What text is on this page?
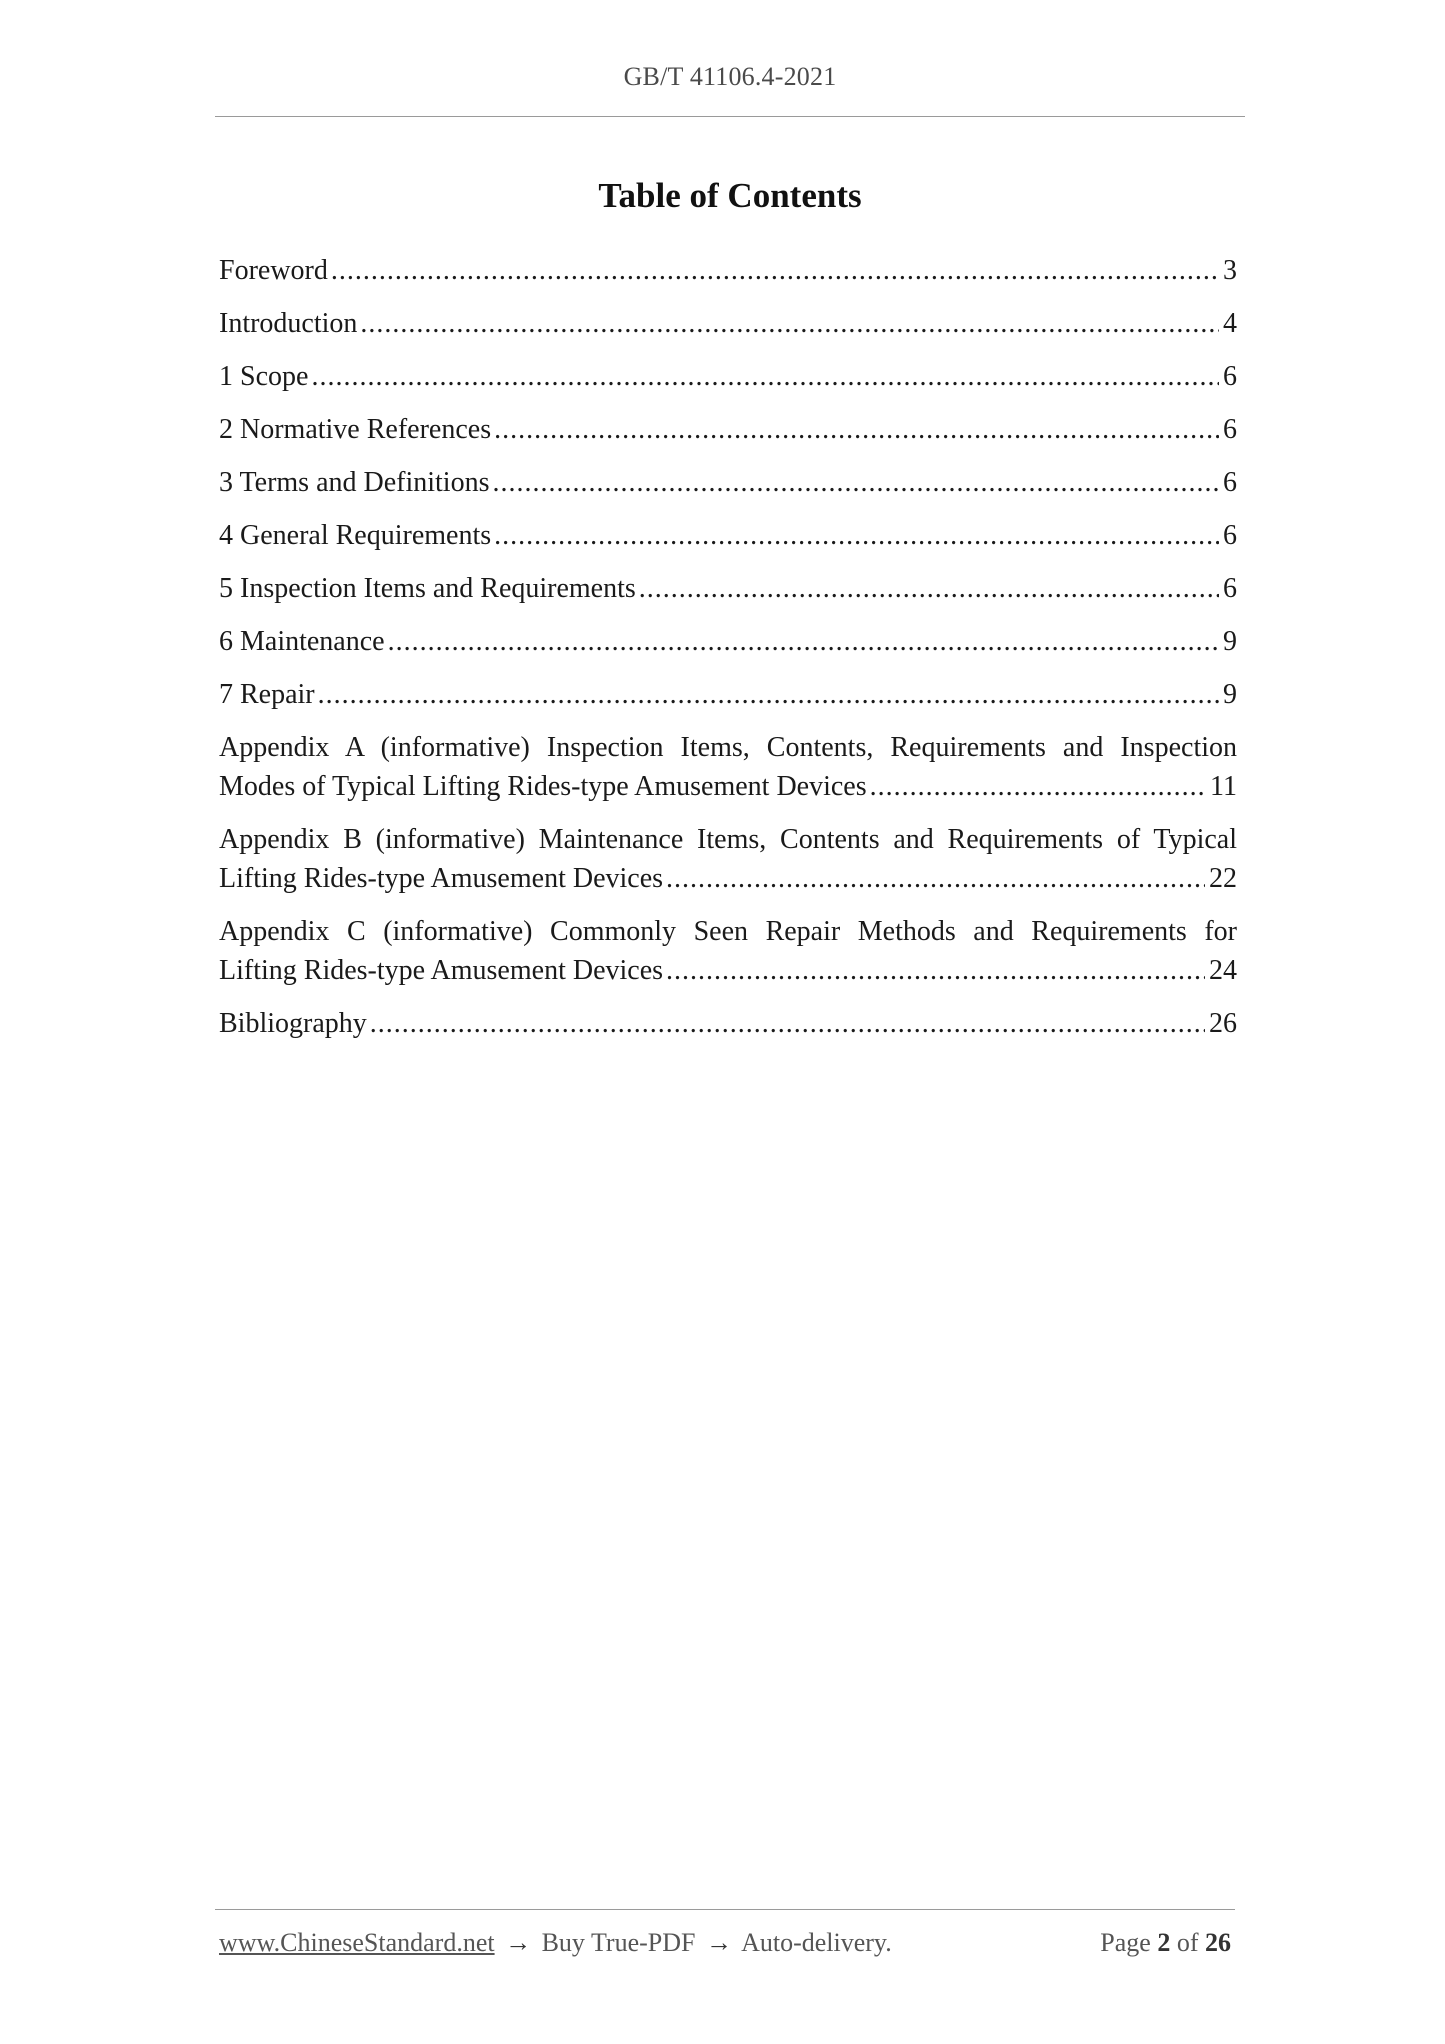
GB/T 41106.4-2021
Table of Contents
Foreword .....	3
Introduction .....	4
1 Scope .....	6
2 Normative References .....	6
3 Terms and Definitions .....	6
4 General Requirements .....	6
5 Inspection Items and Requirements .....	6
6 Maintenance .....	9
7 Repair .....	9
Appendix A (informative) Inspection Items, Contents, Requirements and Inspection
Modes of Typical Lifting Rides-type Amusement Devices .....	11
Appendix B (informative) Maintenance Items, Contents and Requirements of Typical
Lifting Rides-type Amusement Devices .....	22
Appendix C (informative) Commonly Seen Repair Methods and Requirements for
Lifting Rides-type Amusement Devices .....	24
Bibliography .....	26
www.ChineseStandard.net → Buy True-PDF → Auto-delivery.	Page 2 of 26
